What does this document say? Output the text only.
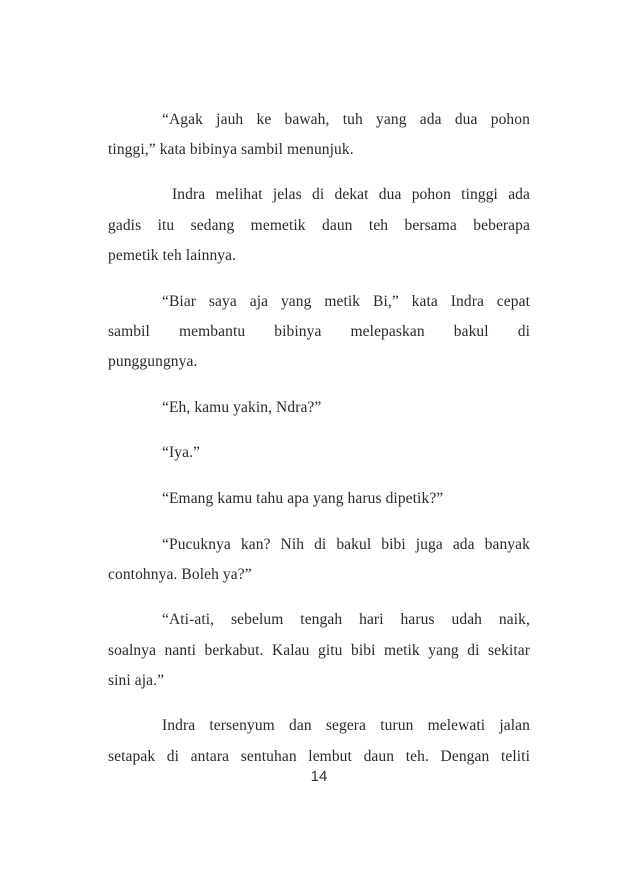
“Agak jauh ke bawah, tuh yang ada dua pohon
tinggi,” kata bibinya sambil menunjuk.
Indra melihat jelas di dekat dua pohon tinggi ada
gadis itu sedang memetik daun teh bersama beberapa
pemetik teh lainnya.
“Biar saya aja yang metik Bi,” kata Indra cepat
sambil membantu bibinya melepaskan bakul di
punggungnya.
“Eh, kamu yakin, Ndra?”
“Iya.”
“Emang kamu tahu apa yang harus dipetik?”
“Pucuknya kan? Nih di bakul bibi juga ada banyak
contohnya. Boleh ya?”
“Ati-ati, sebelum tengah hari harus udah naik,
soalnya nanti berkabut. Kalau gitu bibi metik yang di sekitar
sini aja.”
Indra tersenyum dan segera turun melewati jalan
setapak di antara sentuhan lembut daun teh. Dengan teliti
14
